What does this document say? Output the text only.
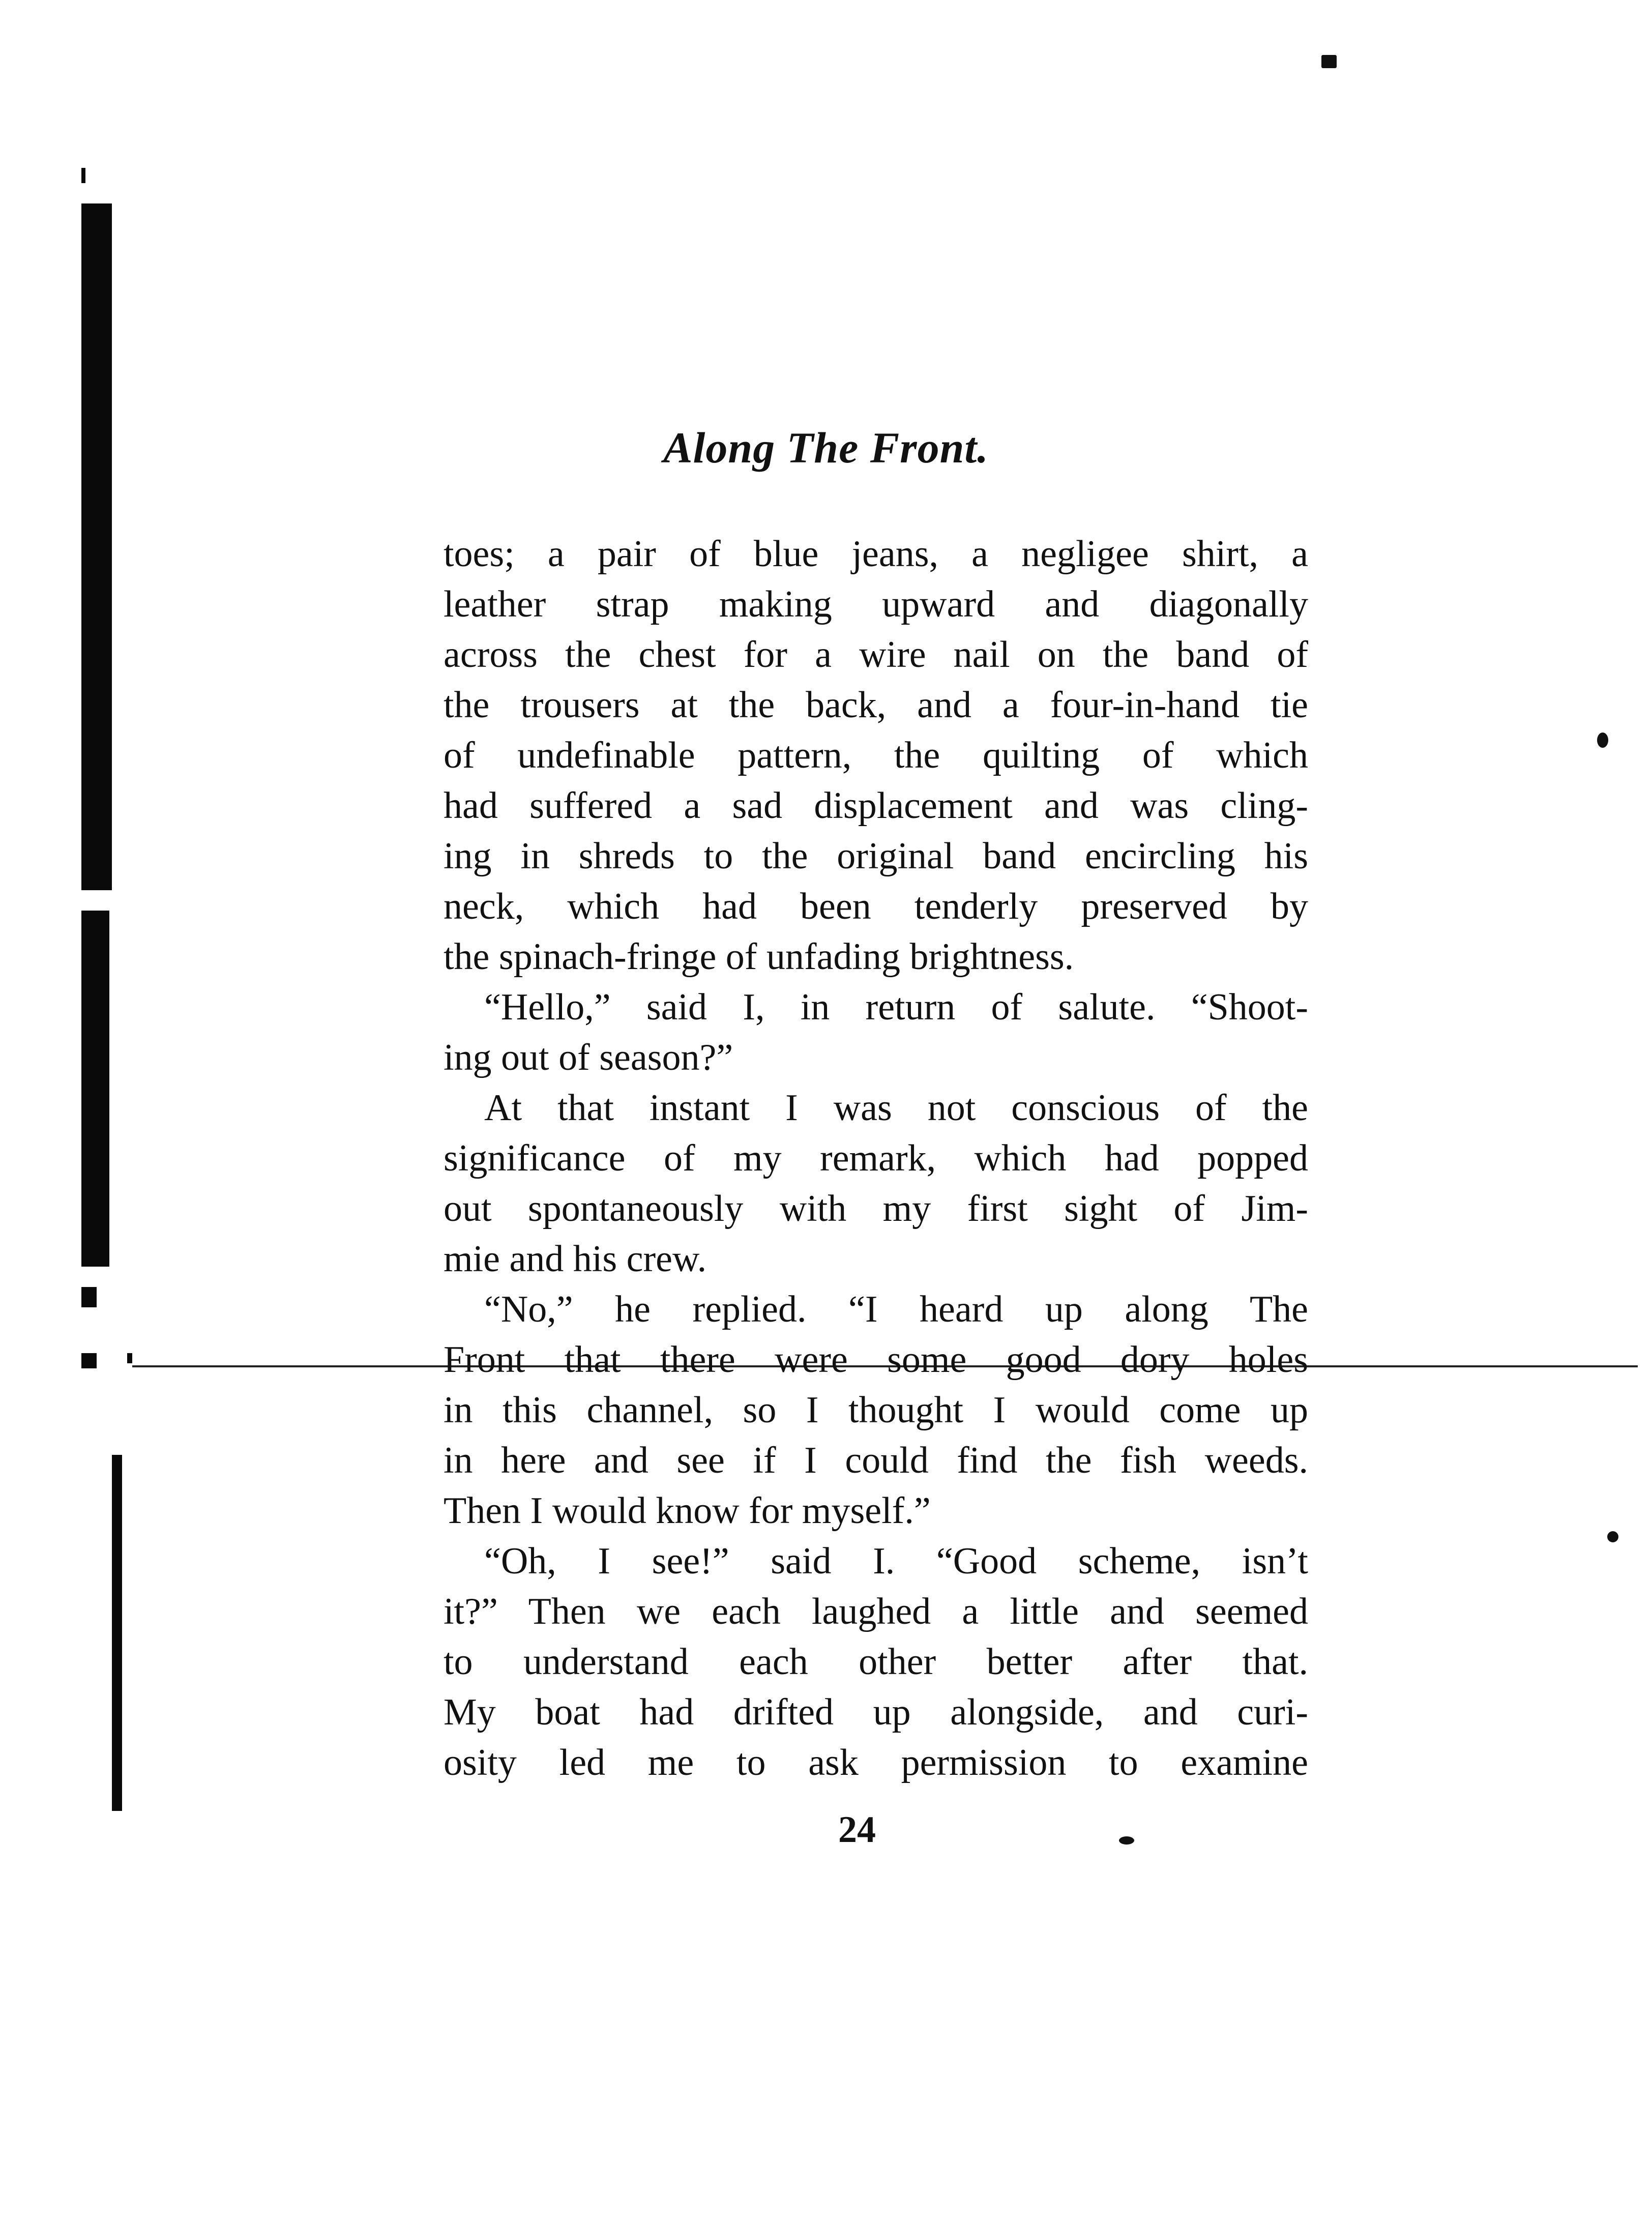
Along The Front.
toes; a pair of blue jeans, a negligee shirt, a
leather strap making upward and diagonally
across the chest for a wire nail on the band of
the trousers at the back, and a four-in-hand tie
of undefinable pattern, the quilting of which
had suffered a sad displacement and was cling-
ing in shreds to the original band encircling his
neck, which had been tenderly preserved by
the spinach-fringe of unfading brightness.
“Hello,” said I, in return of salute. “Shoot-
ing out of season?”
At that instant I was not conscious of the
significance of my remark, which had popped
out spontaneously with my first sight of Jim-
mie and his crew.
“No,” he replied. “I heard up along The
Front that there were some good dory holes
in this channel, so I thought I would come up
in here and see if I could find the fish weeds.
Then I would know for myself.”
“Oh, I see!” said I. “Good scheme, isn’t
it?” Then we each laughed a little and seemed
to understand each other better after that.
My boat had drifted up alongside, and curi-
osity led me to ask permission to examine
24
